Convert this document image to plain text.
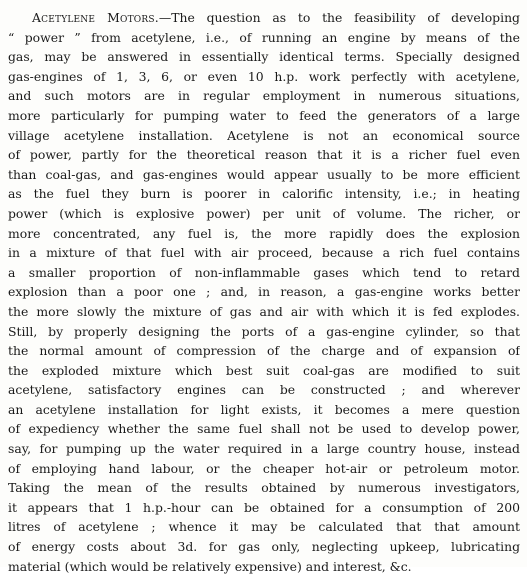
Acetylene Motors.—The question as to the feasibility of developing
“ power ” from acetylene, i.e., of running an engine by means of the
gas, may be answered in essentially identical terms. Specially designed
gas-engines of 1, 3, 6, or even 10 h.p. work perfectly with acetylene,
and such motors are in regular employment in numerous situations,
more particularly for pumping water to feed the generators of a large
village acetylene installation. Acetylene is not an economical source
of power, partly for the theoretical reason that it is a richer fuel even
than coal-gas, and gas-engines would appear usually to be more efficient
as the fuel they burn is poorer in calorific intensity, i.e.; in heating
power (which is explosive power) per unit of volume. The richer, or
more concentrated, any fuel is, the more rapidly does the explosion
in a mixture of that fuel with air proceed, because a rich fuel contains
a smaller proportion of non-inflammable gases which tend to retard
explosion than a poor one ; and, in reason, a gas-engine works better
the more slowly the mixture of gas and air with which it is fed explodes.
Still, by properly designing the ports of a gas-engine cylinder, so that
the normal amount of compression of the charge and of expansion of
the exploded mixture which best suit coal-gas are modified to suit
acetylene, satisfactory engines can be constructed ; and wherever
an acetylene installation for light exists, it becomes a mere question
of expediency whether the same fuel shall not be used to develop power,
say, for pumping up the water required in a large country house, instead
of employing hand labour, or the cheaper hot-air or petroleum motor.
Taking the mean of the results obtained by numerous investigators,
it appears that 1 h.p.-hour can be obtained for a consumption of 200
litres of acetylene ; whence it may be calculated that that amount
of energy costs about 3d. for gas only, neglecting upkeep, lubricating
material (which would be relatively expensive) and interest, &c.
